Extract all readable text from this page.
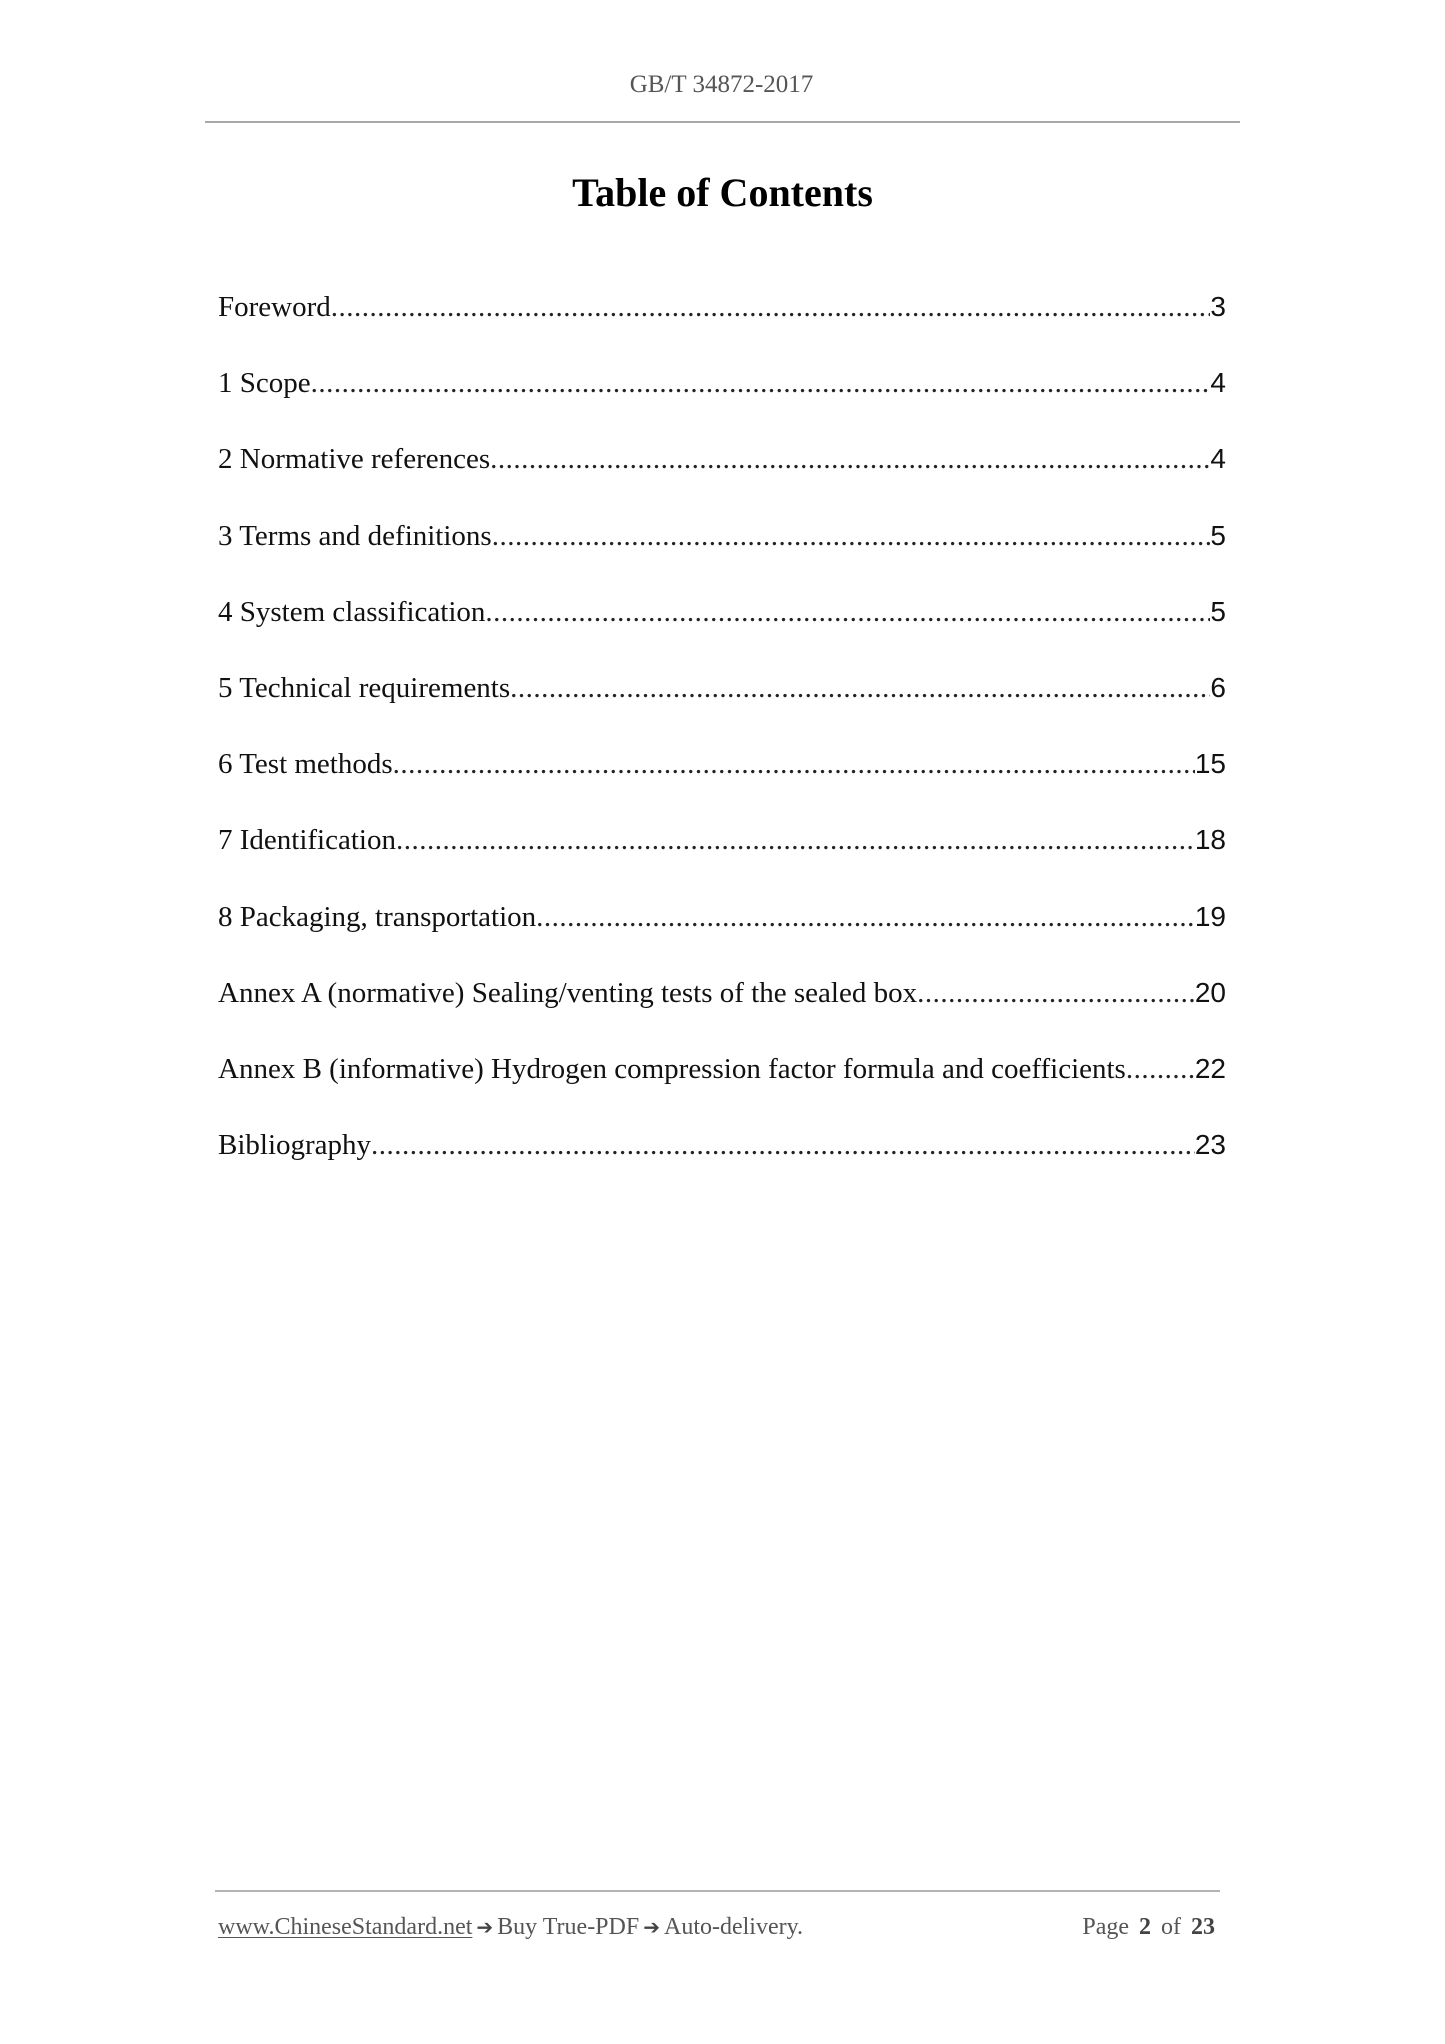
GB/T 34872-2017
Table of Contents
Foreword .....	3
1 Scope .....	4
2 Normative references .....	4
3 Terms and definitions .....	5
4 System classification .....	5
5 Technical requirements .....	6
6 Test methods .....	15
7 Identification .....	18
8 Packaging, transportation .....	19
Annex A (normative) Sealing/venting tests of the sealed box .....	20
Annex B (informative) Hydrogen compression factor formula and coefficients ..... 22
Bibliography .....	23
www.ChineseStandard.net ➔ Buy True-PDF ➔ Auto-delivery.	Page 2 of 23
